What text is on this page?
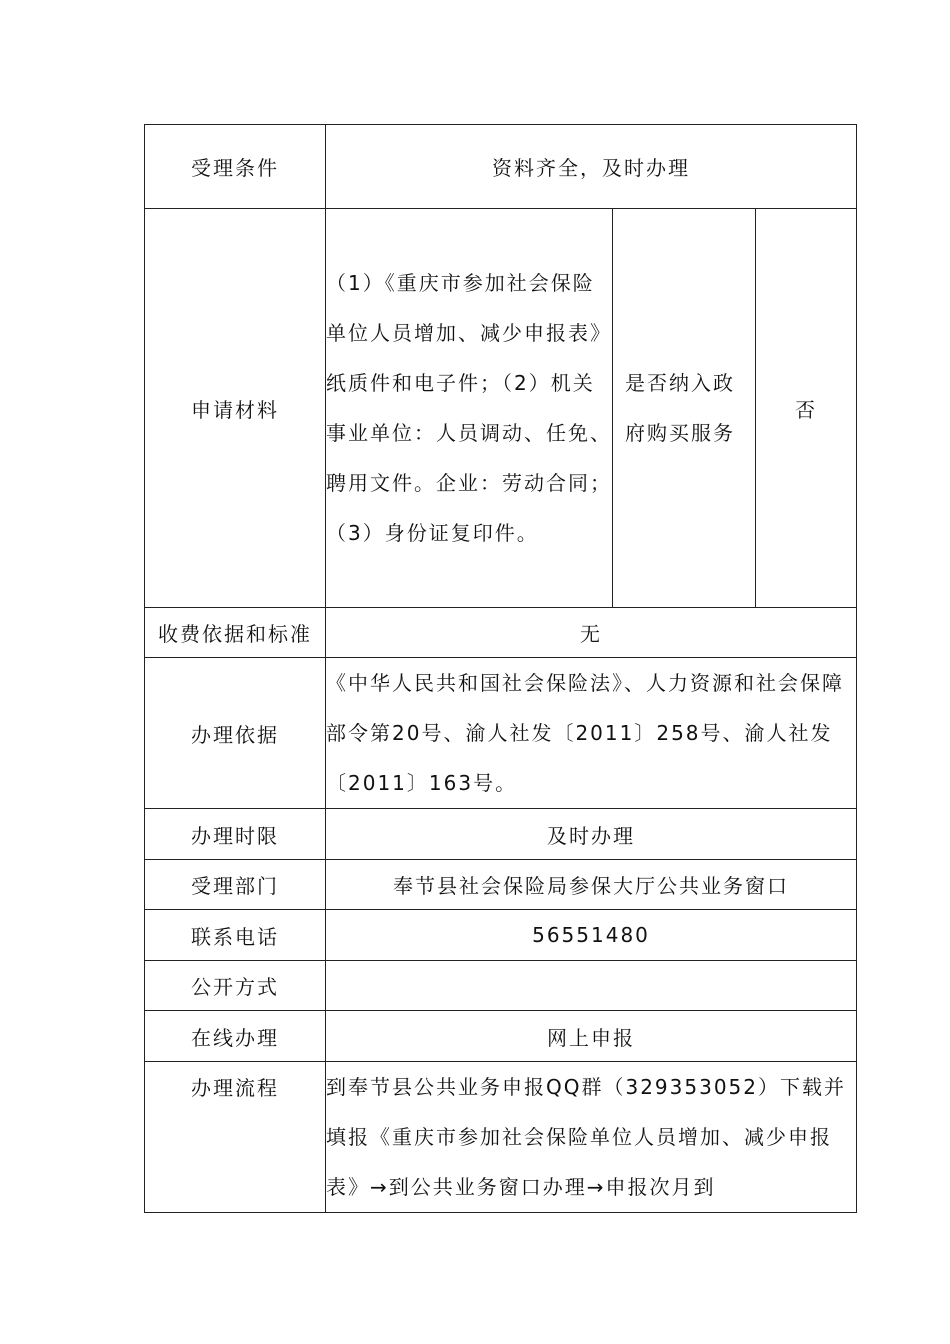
受理条件	资料齐全，及时办理		
申请材料	（1）《重庆市参加社会保险单位人员增加、减少申报表》纸质件和电子件；（2）机关事业单位：人员调动、任免、聘用文件。企业：劳动合同；（3）身份证复印件。	是否纳入政府购买服务	否
收费依据和标准	无		
办理依据	《中华人民共和国社会保险法》、人力资源和社会保障部令第20号、渝人社发〔2011〕258号、渝人社发〔2011〕163号。		
办理时限	及时办理		
受理部门	奉节县社会保险局参保大厅公共业务窗口		
联系电话	56551480		
公开方式			
在线办理	网上申报		
办理流程	到奉节县公共业务申报QQ群（329353052）下载并填报《重庆市参加社会保险单位人员增加、减少申报表》→到公共业务窗口办理→申报次月到		
